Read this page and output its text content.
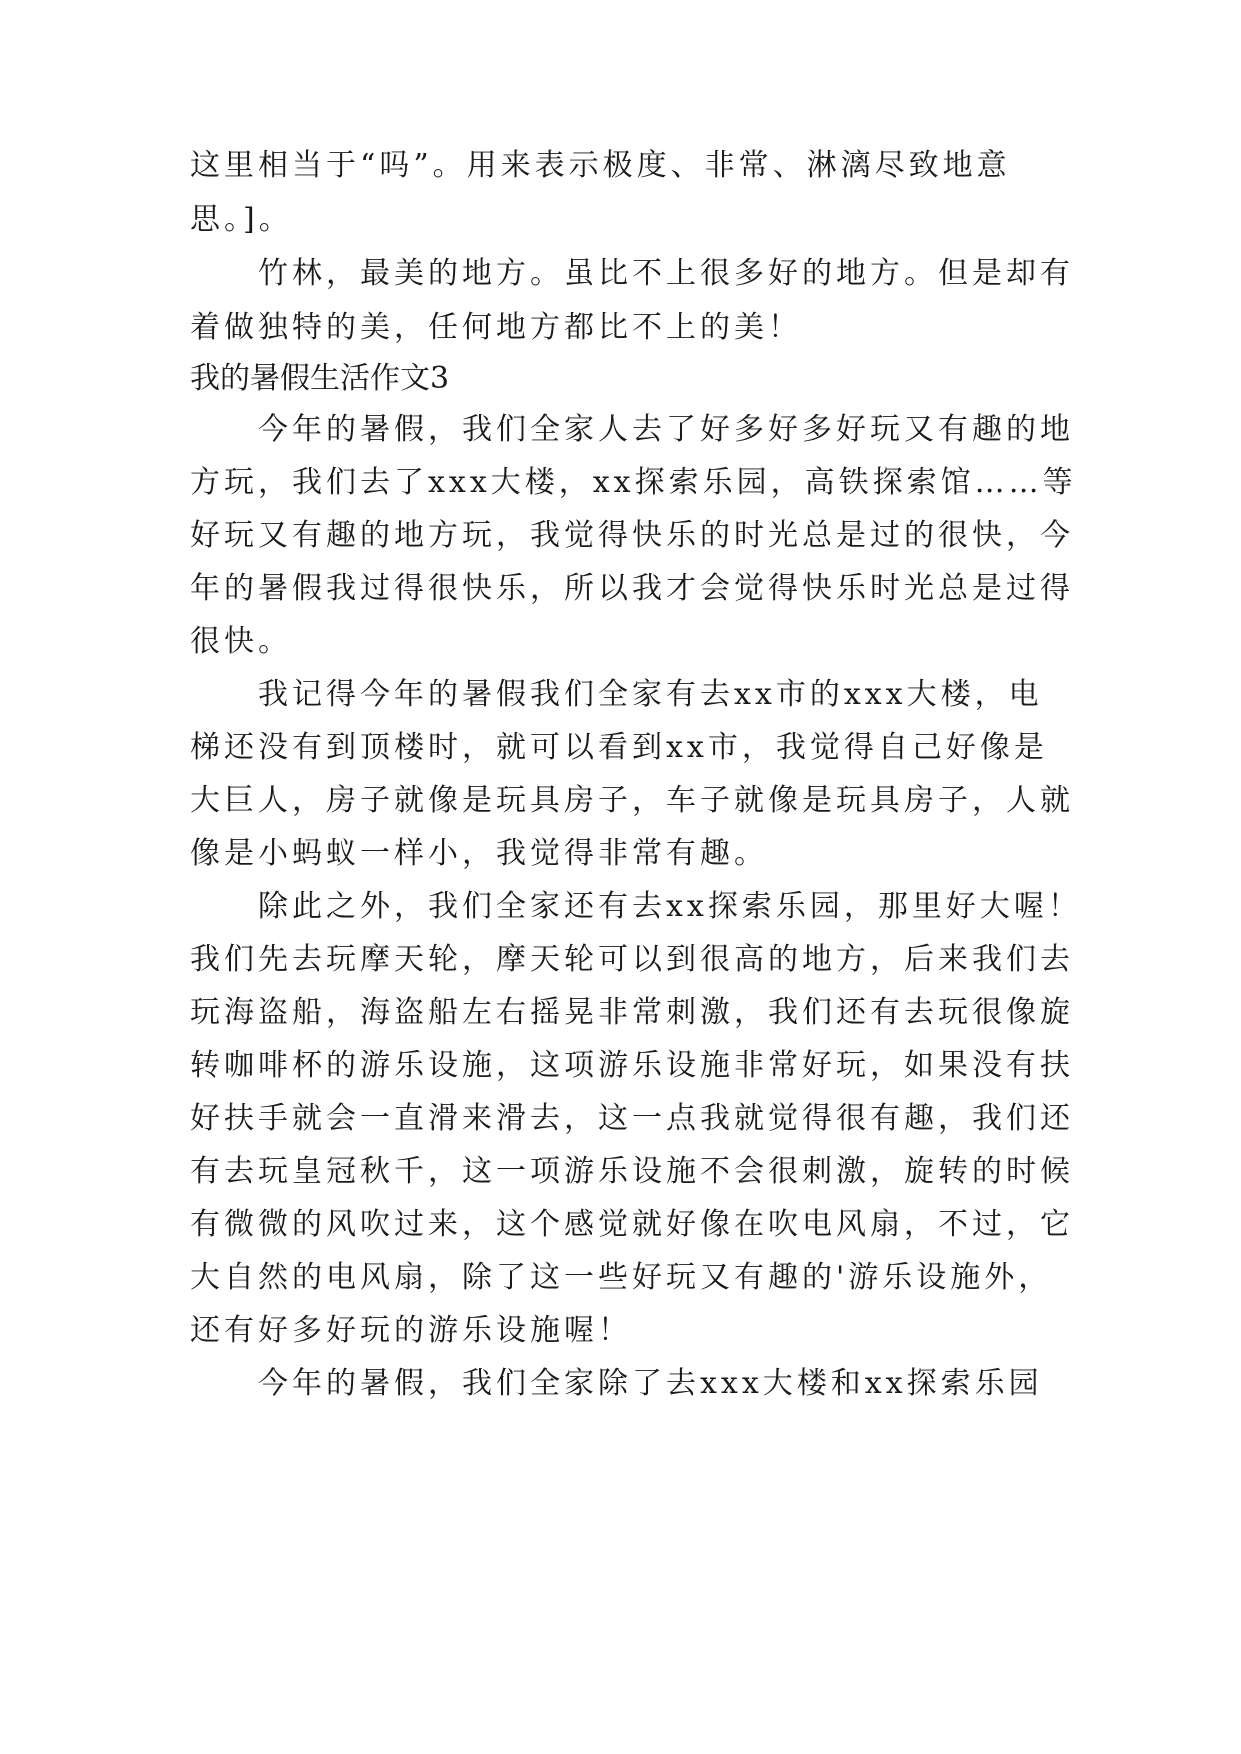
这里相当于“吗”。用来表示极度、非常、淋漓尽致地意
思。]。
　　竹林，最美的地方。虽比不上很多好的地方。但是却有
着做独特的美，任何地方都比不上的美！
我的暑假生活作文3
　　今年的暑假，我们全家人去了好多好多好玩又有趣的地
方玩，我们去了xxx大楼，xx探索乐园，高铁探索馆……等
好玩又有趣的地方玩，我觉得快乐的时光总是过的很快，今
年的暑假我过得很快乐，所以我才会觉得快乐时光总是过得
很快。
　　我记得今年的暑假我们全家有去xx市的xxx大楼，电
梯还没有到顶楼时，就可以看到xx市，我觉得自己好像是
大巨人，房子就像是玩具房子，车子就像是玩具房子，人就
像是小蚂蚁一样小，我觉得非常有趣。
　　除此之外，我们全家还有去xx探索乐园，那里好大喔！
我们先去玩摩天轮，摩天轮可以到很高的地方，后来我们去
玩海盗船，海盗船左右摇晃非常刺激，我们还有去玩很像旋
转咖啡杯的游乐设施，这项游乐设施非常好玩，如果没有扶
好扶手就会一直滑来滑去，这一点我就觉得很有趣，我们还
有去玩皇冠秋千，这一项游乐设施不会很刺激，旋转的时候
有微微的风吹过来，这个感觉就好像在吹电风扇，不过，它
大自然的电风扇，除了这一些好玩又有趣的'游乐设施外，
还有好多好玩的游乐设施喔！
　　今年的暑假，我们全家除了去xxx大楼和xx探索乐园
